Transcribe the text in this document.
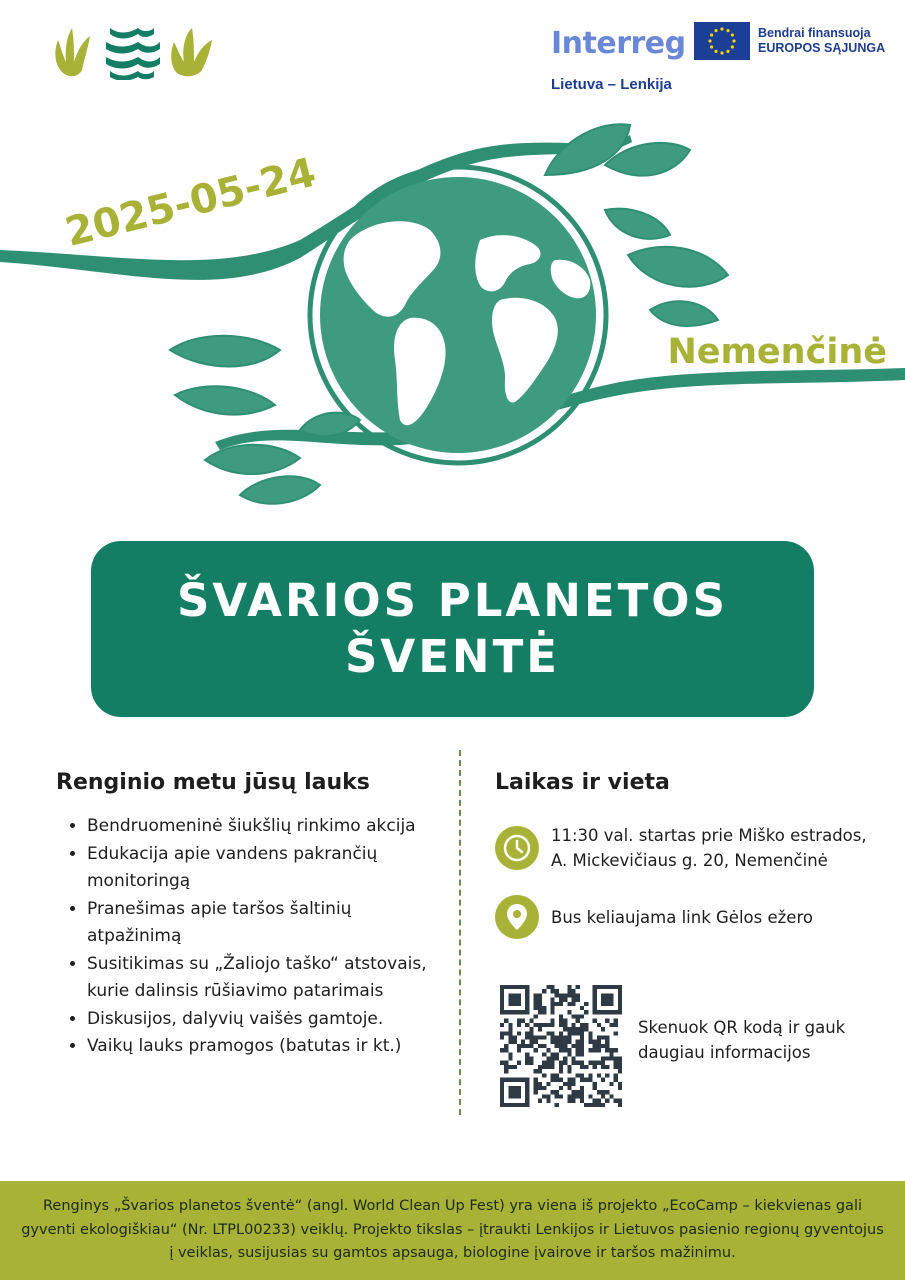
Interreg
Lietuva – Lenkija
Bendrai finansuoja
EUROPOS SĄJUNGA
2025-05-24
Nemenčinė
ŠVARIOS PLANETOS ŠVENTĖ
Renginio metu jūsų lauks
• Bendruomeninė šiukšlių rinkimo akcija
• Edukacija apie vandens pakrančių monitoringą
• Pranešimas apie taršos šaltinių atpažinimą
• Susitikimas su „Žaliojo taško“ atstovais, kurie dalinsis rūšiavimo patarimais
• Diskusijos, dalyvių vaišės gamtoje.
• Vaikų lauks pramogos (batutas ir kt.)
Laikas ir vieta
11:30 val. startas prie Miško estrados,
A. Mickevičiaus g. 20, Nemenčinė
Bus keliaujama link Gėlos ežero
Skenuok QR kodą ir gauk
daugiau informacijos
Renginys „Švarios planetos šventė“ (angl. World Clean Up Fest) yra viena iš projekto „EcoCamp – kiekvienas gali gyventi ekologiškiau“ (Nr. LTPL00233) veiklų. Projekto tikslas – įtraukti Lenkijos ir Lietuvos pasienio regionų gyventojus į veiklas, susijusias su gamtos apsauga, biologine įvairove ir taršos mažinimu.
